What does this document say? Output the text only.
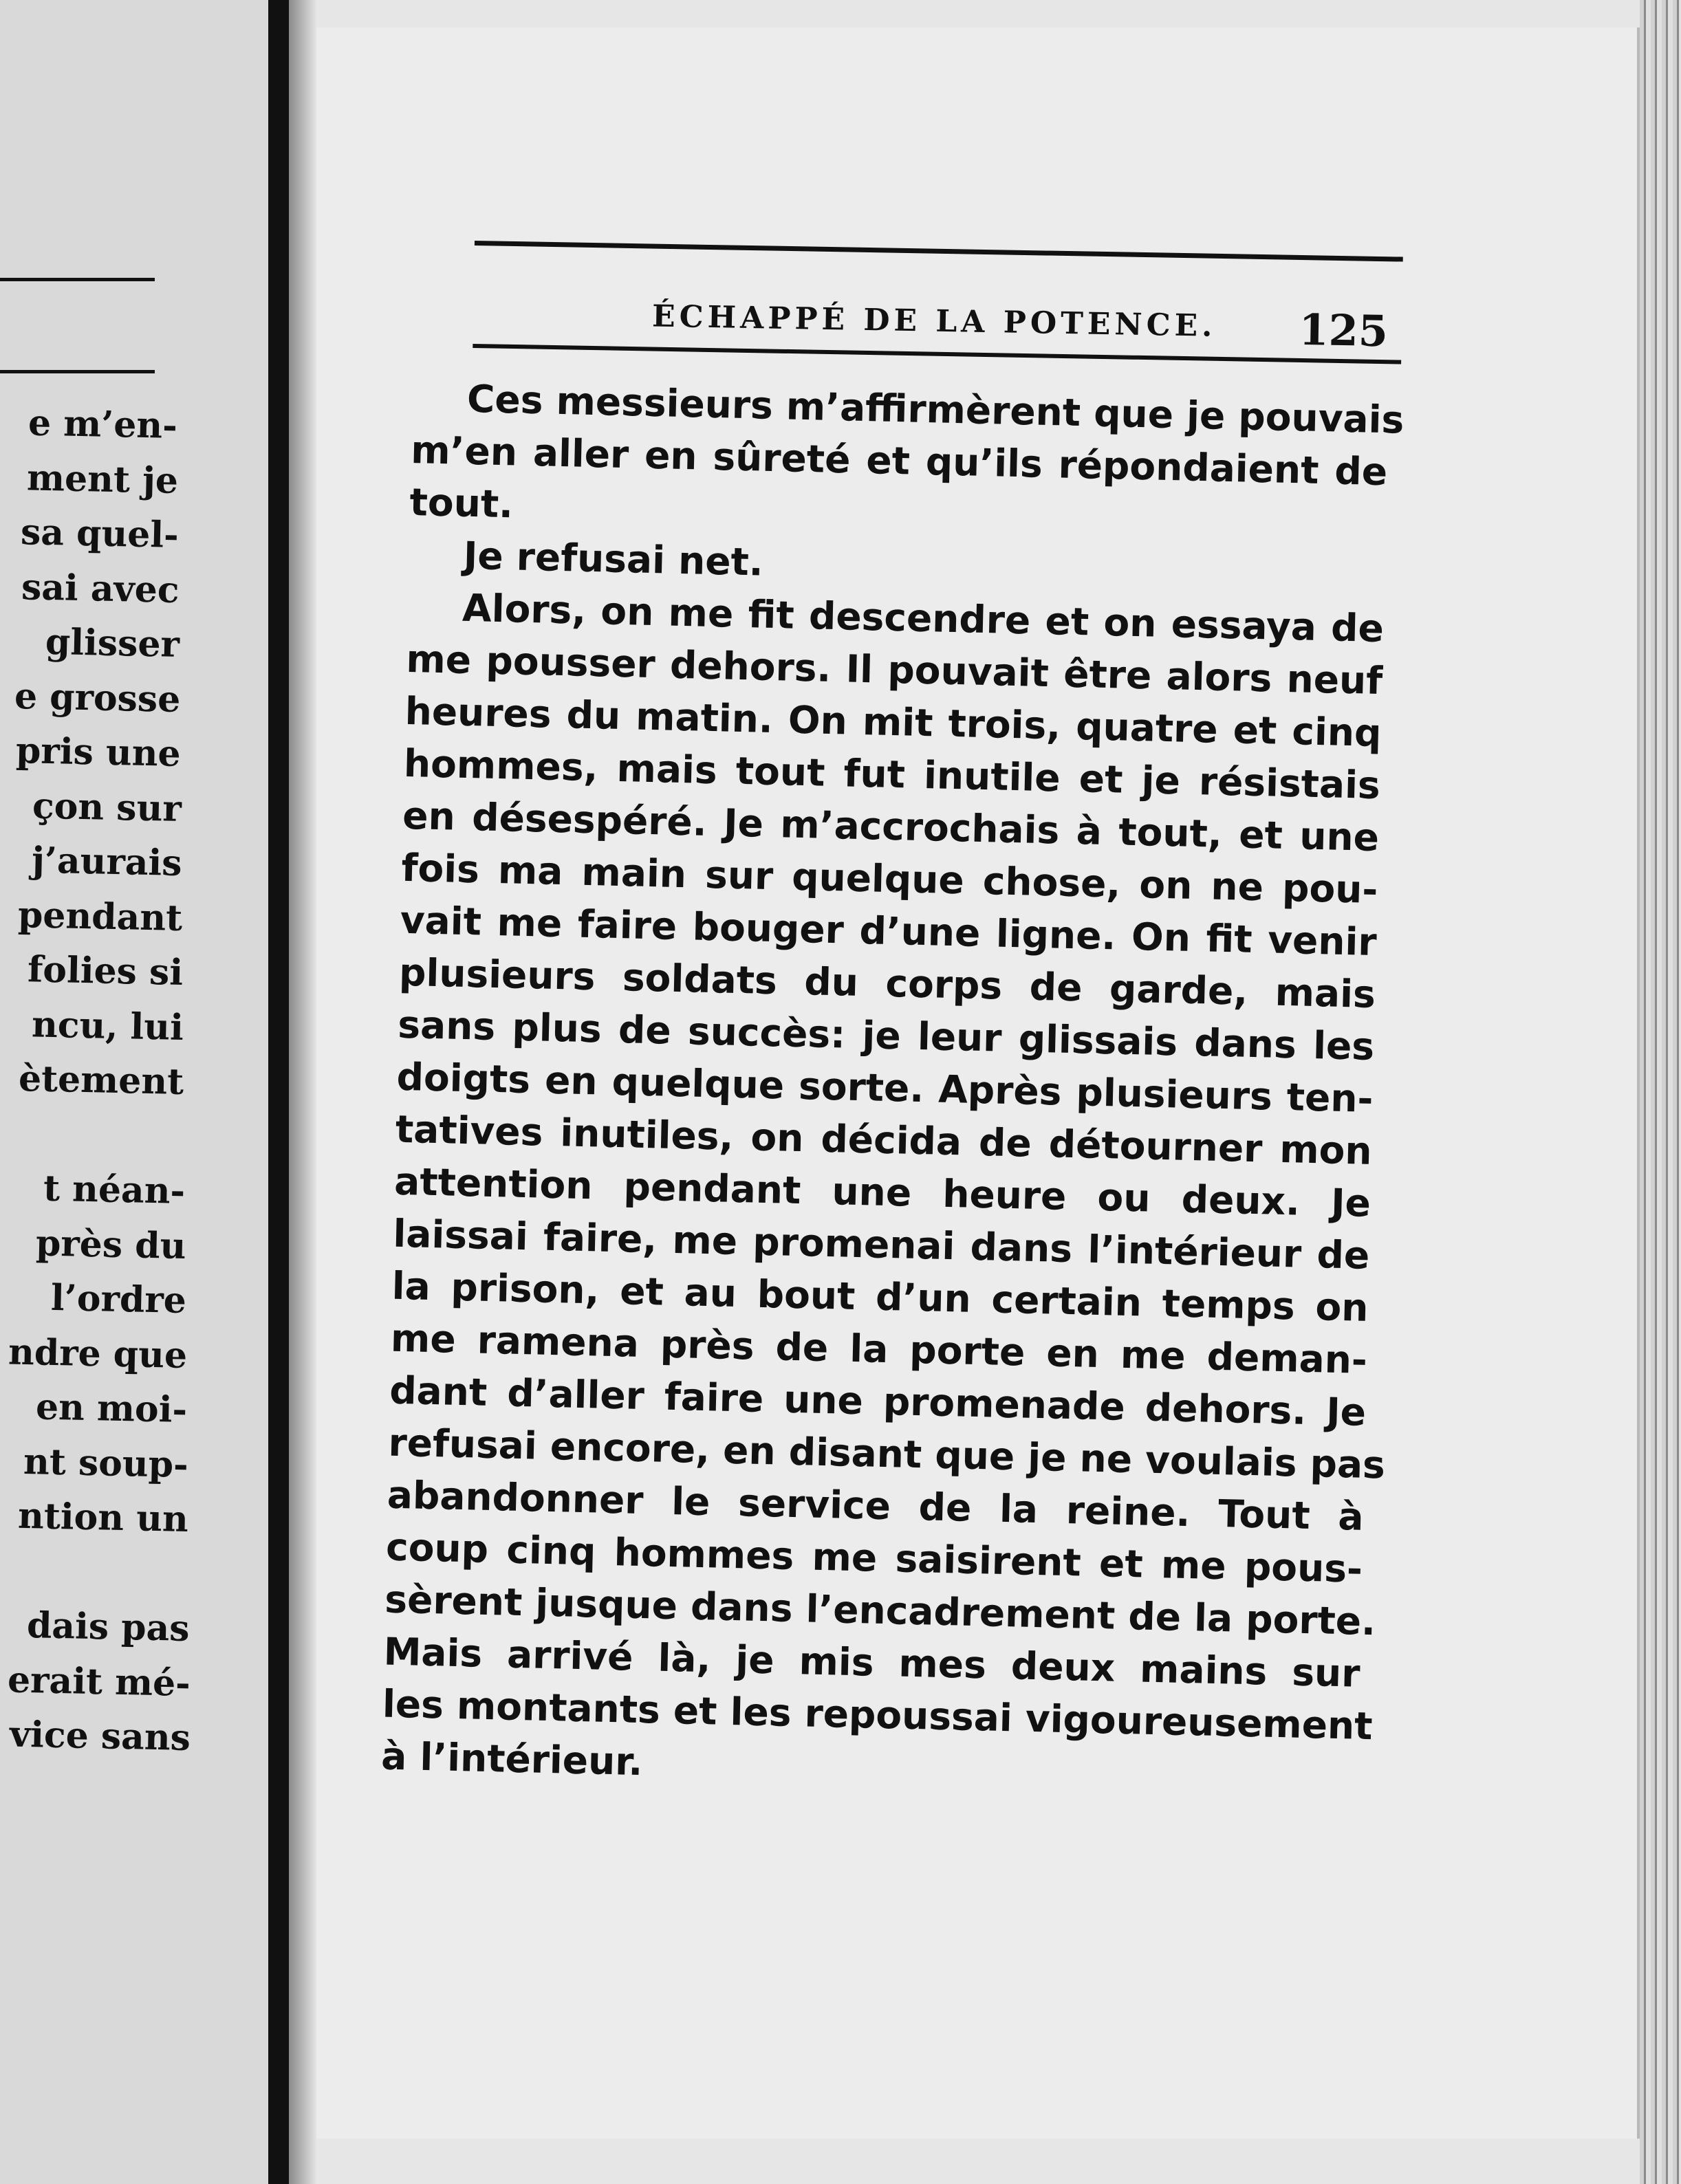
e m’en-
ment je
sa quel-
sai avec
glisser
e grosse
pris une
çon sur
j’aurais
pendant
folies si
ncu, lui
ètement
t néan-
près du
l’ordre
ndre que
en moi-
nt soup-
ntion un
dais pas
erait mé-
vice sans
ÉCHAPPÉ DE LA POTENCE. 125
Ces messieurs m’affirmèrent que je pouvais
m’en aller en sûreté et qu’ils répondaient de
tout.
Je refusai net.
Alors, on me fit descendre et on essaya de
me pousser dehors. Il pouvait être alors neuf
heures du matin. On mit trois, quatre et cinq
hommes, mais tout fut inutile et je résistais
en désespéré. Je m’accrochais à tout, et une
fois ma main sur quelque chose, on ne pou-
vait me faire bouger d’une ligne. On fit venir
plusieurs soldats du corps de garde, mais
sans plus de succès: je leur glissais dans les
doigts en quelque sorte. Après plusieurs ten-
tatives inutiles, on décida de détourner mon
attention pendant une heure ou deux. Je
laissai faire, me promenai dans l’intérieur de
la prison, et au bout d’un certain temps on
me ramena près de la porte en me deman-
dant d’aller faire une promenade dehors. Je
refusai encore, en disant que je ne voulais pas
abandonner le service de la reine. Tout à
coup cinq hommes me saisirent et me pous-
sèrent jusque dans l’encadrement de la porte.
Mais arrivé là, je mis mes deux mains sur
les montants et les repoussai vigoureusement
à l’intérieur.
